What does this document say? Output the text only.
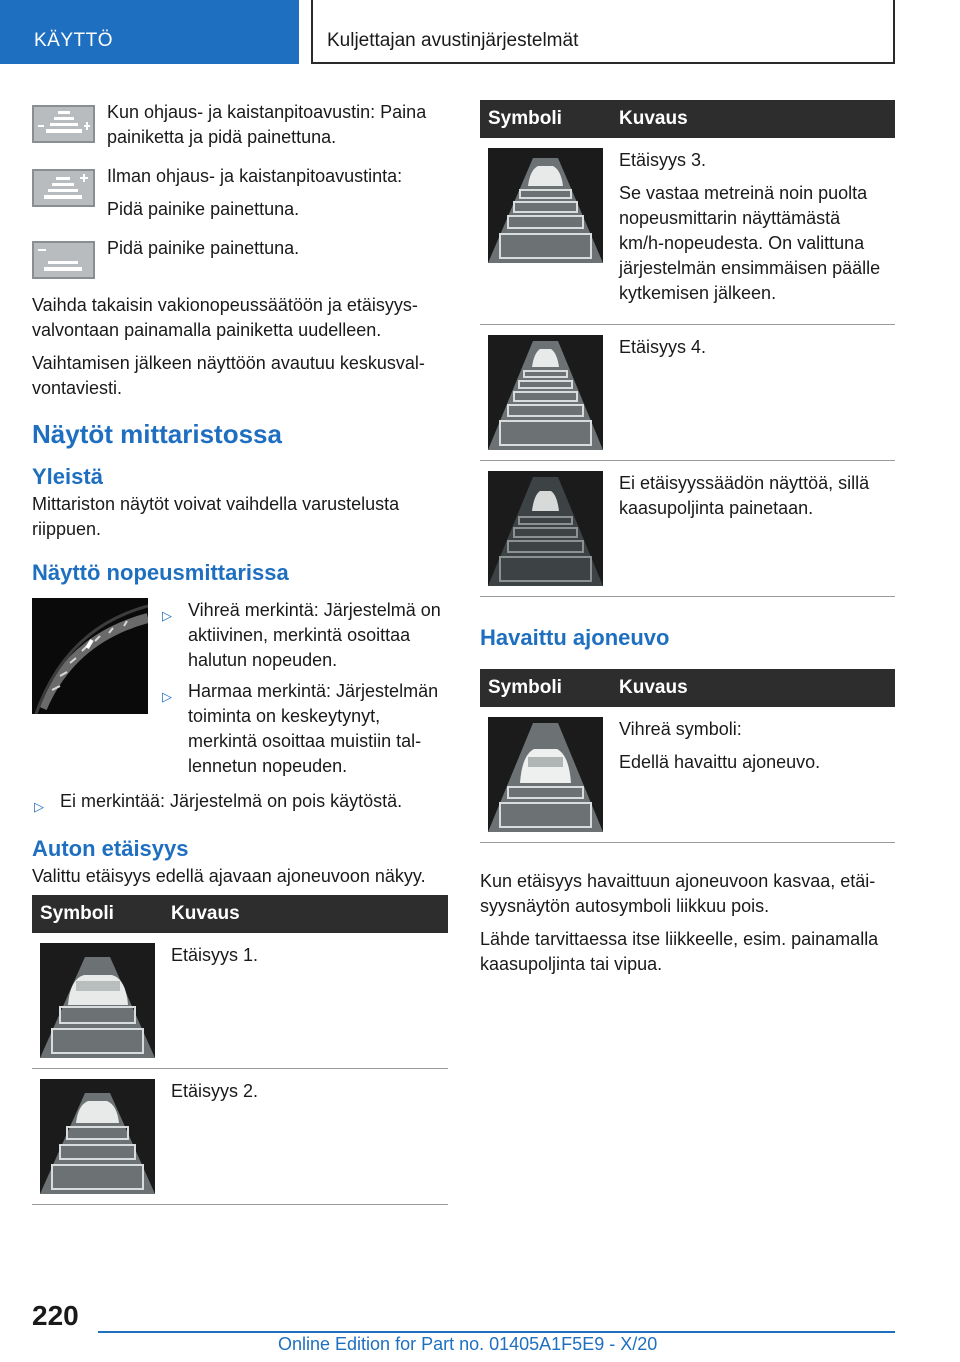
KÄYTTÖ	Kuljettajan avustinjärjestelmät
Kun ohjaus- ja kaistanpitoavustin: Paina painiketta ja pidä painettuna.
Ilman ohjaus- ja kaistanpitoavustinta:
Pidä painike painettuna.
Pidä painike painettuna.

Vaihda takaisin vakionopeussäätöön ja etäisyysvalvontaan painamalla painiketta uudelleen.

Vaihtamisen jälkeen näyttöön avautuu keskusvalvontaviesti.

Näytöt mittaristossa
Yleistä

Mittariston näytöt voivat vaihdella varustelusta riippuen.

Näyttö nopeusmittarissa
▷ Vihreä merkintä: Järjestelmä on aktiivinen, merkintä osoittaa halutun nopeuden.
▷ Harmaa merkintä: Järjestelmän toiminta on keskeytynyt, merkintä osoittaa muistiin tallennetun nopeuden.
▷ Ei merkintää: Järjestelmä on pois käytöstä.
Auton etäisyys

Valittu etäisyys edellä ajavaan ajoneuvoon näkyy.

Symboli	Kuvaus

Etäisyys 1.

Etäisyys 2.

Symboli	Kuvaus

Etäisyys 3.

Se vastaa metreinä noin puolta nopeusmittarin näyttämästä km/h-nopeudesta. On valittuna järjestelmän ensimmäisen päälle kytkemisen jälkeen.

Etäisyys 4.

Ei etäisyyssäädön näyttöä, sillä kaasupoljinta painetaan.

Havaittu ajoneuvo
Symboli	Kuvaus

Vihreä symboli:

Edellä havaittu ajoneuvo.

Kun etäisyys havaittuun ajoneuvoon kasvaa, etäisyysnäytön autosymboli liikkuu pois.

Lähde tarvittaessa itse liikkeelle, esim. painamalla kaasupoljinta tai vipua.

220
Online Edition for Part no. 01405A1F5E9 - X/20
